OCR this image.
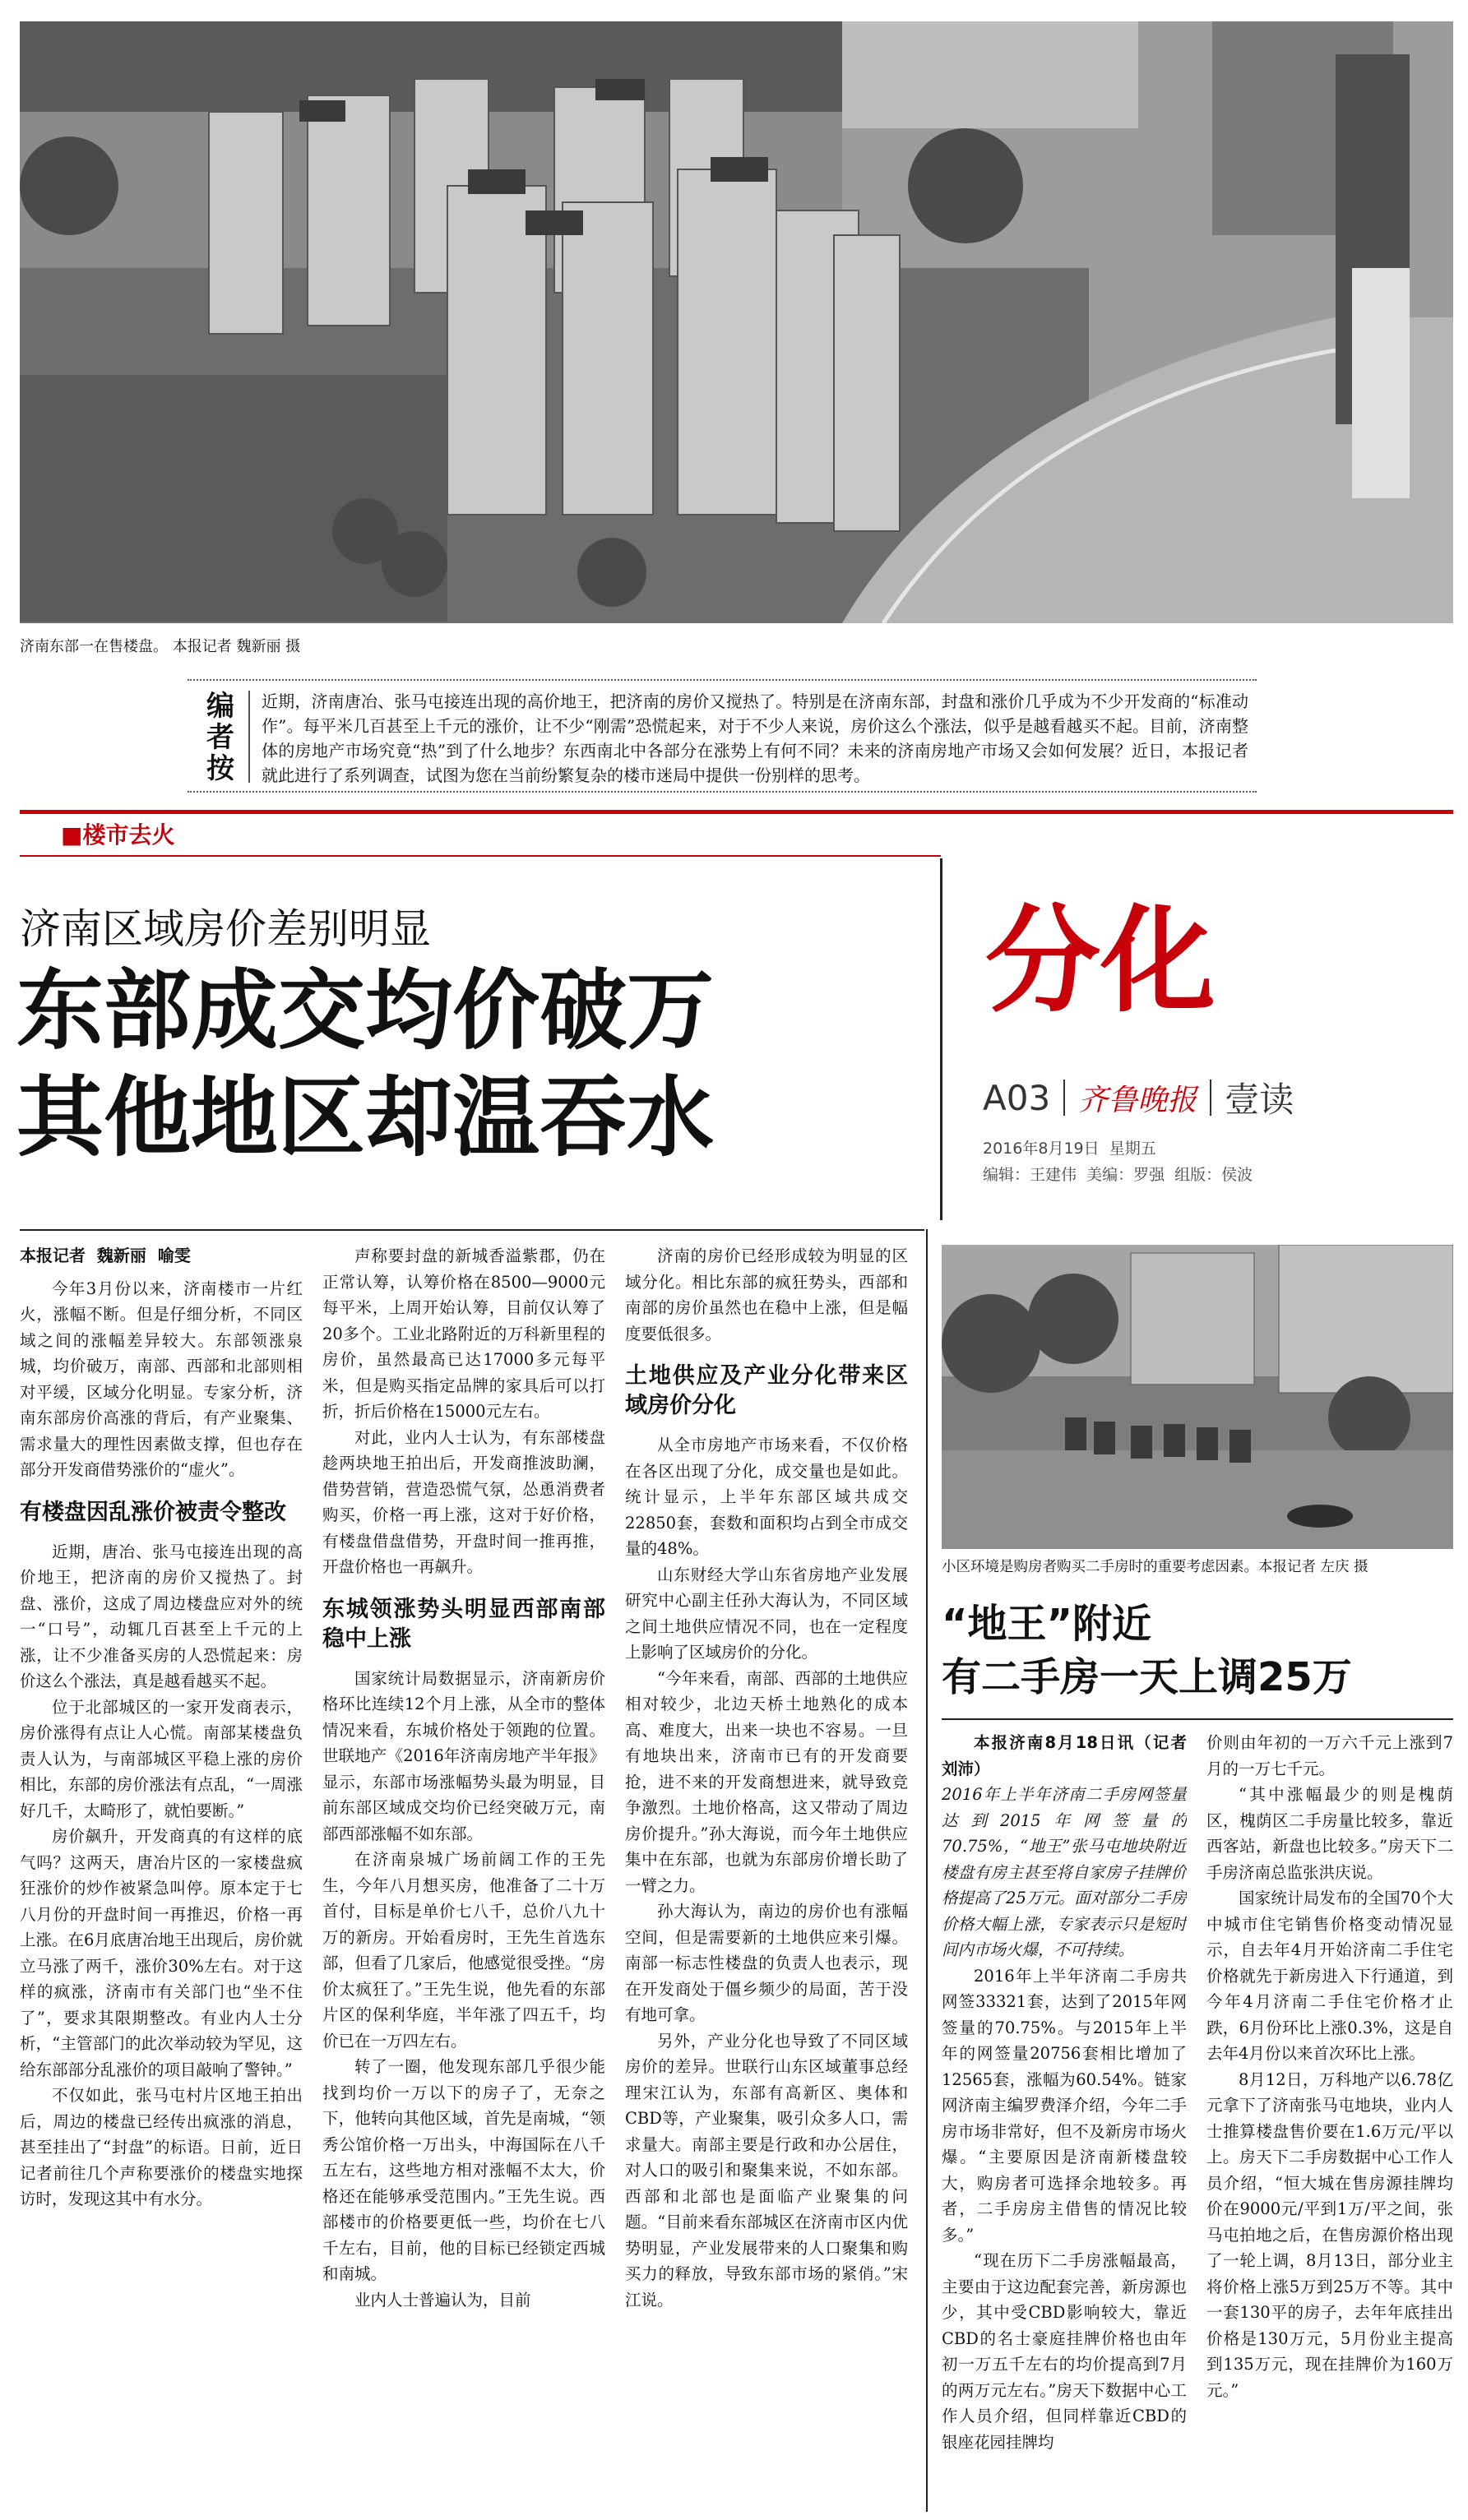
济南东部一在售楼盘。 本报记者 魏新丽 摄
编者按
近期，济南唐冶、张马屯接连出现的高价地王，把济南的房价又搅热了。特别是在济南东部，封盘和涨价几乎成为不少开发商的“标准动作”。每平米几百甚至上千元的涨价，让不少“刚需”恐慌起来，对于不少人来说，房价这么个涨法，似乎是越看越买不起。目前，济南整体的房地产市场究竟“热”到了什么地步？东西南北中各部分在涨势上有何不同？未来的济南房地产市场又会如何发展？近日，本报记者就此进行了系列调查，试图为您在当前纷繁复杂的楼市迷局中提供一份别样的思考。
■楼市去火
济南区域房价差别明显
东部成交均价破万
其他地区却温吞水
分化
A03 齐鲁晚报 壹读
2016年8月19日  星期五
编辑：王建伟  美编：罗强  组版：侯波
本报记者  魏新丽  喻雯

今年3月份以来，济南楼市一片红火，涨幅不断。但是仔细分析，不同区域之间的涨幅差异较大。东部领涨泉城，均价破万，南部、西部和北部则相对平缓，区域分化明显。专家分析，济南东部房价高涨的背后，有产业聚集、需求量大的理性因素做支撑，但也存在部分开发商借势涨价的“虚火”。

有楼盘因乱涨价被责令整改

近期，唐冶、张马屯接连出现的高价地王，把济南的房价又搅热了。封盘、涨价，这成了周边楼盘应对外的统一“口号”，动辄几百甚至上千元的上涨，让不少准备买房的人恐慌起来：房价这么个涨法，真是越看越买不起。

位于北部城区的一家开发商表示，房价涨得有点让人心慌。南部某楼盘负责人认为，与南部城区平稳上涨的房价相比，东部的房价涨法有点乱，“一周涨好几千，太畸形了，就怕要断。”

房价飙升，开发商真的有这样的底气吗？这两天，唐冶片区的一家楼盘疯狂涨价的炒作被紧急叫停。原本定于七八月份的开盘时间一再推迟，价格一再上涨。在6月底唐冶地王出现后，房价就立马涨了两千，涨价30%左右。对于这样的疯涨，济南市有关部门也“坐不住了”，要求其限期整改。有业内人士分析，“主管部门的此次举动较为罕见，这给东部部分乱涨价的项目敲响了警钟。”

不仅如此，张马屯村片区地王拍出后，周边的楼盘已经传出疯涨的消息，甚至挂出了“封盘”的标语。日前，近日记者前往几个声称要涨价的楼盘实地探访时，发现这其中有水分。

声称要封盘的新城香溢紫郡，仍在正常认筹，认筹价格在8500—9000元每平米，上周开始认筹，目前仅认筹了20多个。工业北路附近的万科新里程的房价，虽然最高已达17000多元每平米，但是购买指定品牌的家具后可以打折，折后价格在15000元左右。

对此，业内人士认为，有东部楼盘趁两块地王拍出后，开发商推波助澜，借势营销，营造恐慌气氛，怂恿消费者购买，价格一再上涨，这对于好价格，有楼盘借盘借势，开盘时间一推再推，开盘价格也一再飙升。

东城领涨势头明显西部南部稳中上涨

国家统计局数据显示，济南新房价格环比连续12个月上涨，从全市的整体情况来看，东城价格处于领跑的位置。世联地产《2016年济南房地产半年报》显示，东部市场涨幅势头最为明显，目前东部区域成交均价已经突破万元，南部西部涨幅不如东部。

在济南泉城广场前阔工作的王先生，今年八月想买房，他准备了二十万首付，目标是单价七八千，总价八九十万的新房。开始看房时，王先生首选东部，但看了几家后，他感觉很受挫。“房价太疯狂了。”王先生说，他先看的东部片区的保利华庭，半年涨了四五千，均价已在一万四左右。

转了一圈，他发现东部几乎很少能找到均价一万以下的房子了，无奈之下，他转向其他区域，首先是南城，“领秀公馆价格一万出头，中海国际在八千五左右，这些地方相对涨幅不太大，价格还在能够承受范围内。”王先生说。西部楼市的价格要更低一些，均价在七八千左右，目前，他的目标已经锁定西城和南城。

业内人士普遍认为，目前

济南的房价已经形成较为明显的区域分化。相比东部的疯狂势头，西部和南部的房价虽然也在稳中上涨，但是幅度要低很多。

土地供应及产业分化带来区域房价分化

从全市房地产市场来看，不仅价格在各区出现了分化，成交量也是如此。统计显示，上半年东部区域共成交22850套，套数和面积均占到全市成交量的48%。

山东财经大学山东省房地产业发展研究中心副主任孙大海认为，不同区域之间土地供应情况不同，也在一定程度上影响了区域房价的分化。

“今年来看，南部、西部的土地供应相对较少，北边天桥土地熟化的成本高、难度大，出来一块也不容易。一旦有地块出来，济南市已有的开发商要抢，进不来的开发商想进来，就导致竞争激烈。土地价格高，这又带动了周边房价提升。”孙大海说，而今年土地供应集中在东部，也就为东部房价增长助了一臂之力。

孙大海认为，南边的房价也有涨幅空间，但是需要新的土地供应来引爆。南部一标志性楼盘的负责人也表示，现在开发商处于僵乡频少的局面，苦于没有地可拿。

另外，产业分化也导致了不同区域房价的差异。世联行山东区域董事总经理宋江认为，东部有高新区、奥体和CBD等，产业聚集，吸引众多人口，需求量大。南部主要是行政和办公居住，对人口的吸引和聚集来说，不如东部。西部和北部也是面临产业聚集的问题。“目前来看东部城区在济南市区内优势明显，产业发展带来的人口聚集和购买力的释放，导致东部市场的紧俏。”宋江说。

小区环境是购房者购买二手房时的重要考虑因素。本报记者 左庆 摄
“地王”附近
有二手房一天上调25万
本报济南8月18日讯（记者 刘沛）
2016年上半年济南二手房网签量达到2015年网签量的70.75%，“地王”张马屯地块附近楼盘有房主甚至将自家房子挂牌价格提高了25万元。面对部分二手房价格大幅上涨，专家表示只是短时间内市场火爆，不可持续。

2016年上半年济南二手房共网签33321套，达到了2015年网签量的70.75%。与2015年上半年的网签量20756套相比增加了12565套，涨幅为60.54%。链家网济南主编罗费泽介绍，今年二手房市场非常好，但不及新房市场火爆。“主要原因是济南新楼盘较大，购房者可选择余地较多。再者，二手房房主借售的情况比较多。”

“现在历下二手房涨幅最高，主要由于这边配套完善，新房源也少，其中受CBD影响较大，靠近CBD的名士豪庭挂牌价格也由年初一万五千左右的均价提高到7月的两万元左右。”房天下数据中心工作人员介绍，但同样靠近CBD的银座花园挂牌均

价则由年初的一万六千元上涨到7月的一万七千元。

“其中涨幅最少的则是槐荫区，槐荫区二手房量比较多，靠近西客站，新盘也比较多。”房天下二手房济南总监张洪庆说。

国家统计局发布的全国70个大中城市住宅销售价格变动情况显示，自去年4月开始济南二手住宅价格就先于新房进入下行通道，到今年4月济南二手住宅价格才止跌，6月份环比上涨0.3%，这是自去年4月份以来首次环比上涨。

8月12日，万科地产以6.78亿元拿下了济南张马屯地块，业内人士推算楼盘售价要在1.6万元/平以上。房天下二手房数据中心工作人员介绍，“恒大城在售房源挂牌均价在9000元/平到1万/平之间，张马屯拍地之后，在售房源价格出现了一轮上调，8月13日，部分业主将价格上涨5万到25万不等。其中一套130平的房子，去年年底挂出价格是130万元，5月份业主提高到135万元，现在挂牌价为160万元。”
